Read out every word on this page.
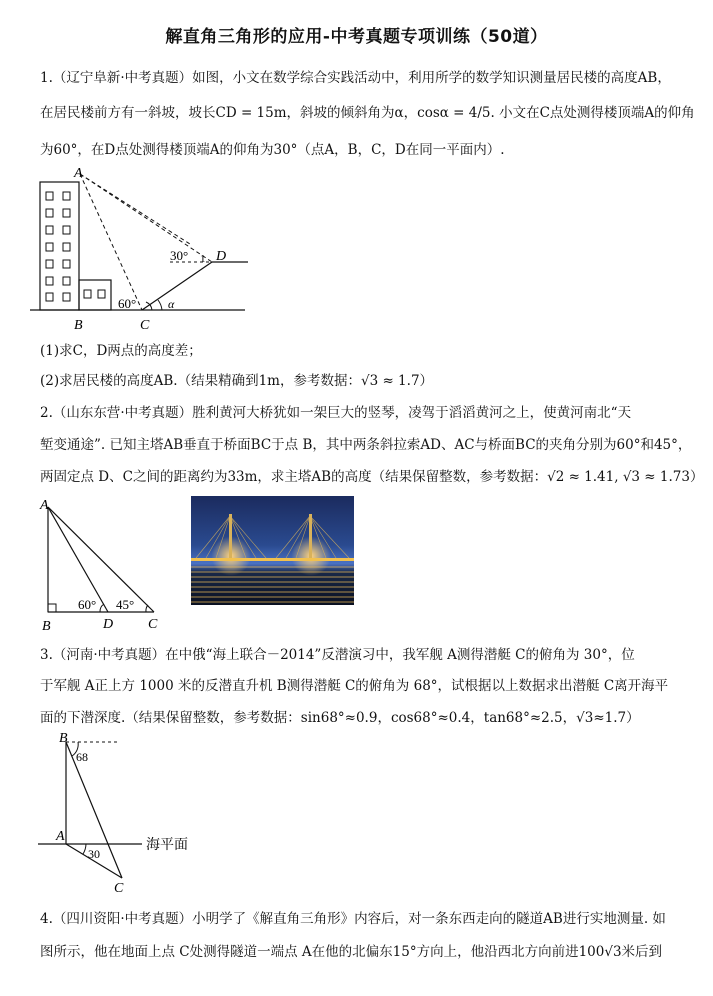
解直角三角形的应用-中考真题专项训练（50道）
1.（辽宁阜新·中考真题）如图，小文在数学综合实践活动中，利用所学的数学知识测量居民楼的高度AB，
在居民楼前方有一斜坡，坡长CD = 15m，斜坡的倾斜角为α，cosα = 4/5. 小文在C点处测得楼顶端A的仰角
为60°，在D点处测得楼顶端A的仰角为30°（点A，B，C，D在同一平面内）.
A
B	C
D
60°
30° 1
α
(1)求C，D两点的高度差；
(2)求居民楼的高度AB.（结果精确到1m，参考数据：√3 ≈ 1.7）
2.（山东东营·中考真题）胜利黄河大桥犹如一架巨大的竖琴，凌驾于滔滔黄河之上，使黄河南北“天
堑变通途”. 已知主塔AB垂直于桥面BC于点 B，其中两条斜拉索AD、AC与桥面BC的夹角分别为60°和45°，
两固定点 D、C之间的距离约为33m，求主塔AB的高度（结果保留整数，参考数据：√2 ≈ 1.41, √3 ≈ 1.73）
A
B	D C
60° 45°
3.（河南·中考真题）在中俄“海上联合－2014”反潜演习中，我军舰 A测得潜艇 C的俯角为 30°，位
于军舰 A正上方 1000 米的反潜直升机 B测得潜艇 C的俯角为 68°，试根据以上数据求出潜艇 C离开海平
面的下潜深度.（结果保留整数，参考数据：sin68°≈0.9，cos68°≈0.4，tan68°≈2.5，√3≈1.7）
B
A
C
68
30
海平面
4.（四川资阳·中考真题）小明学了《解直角三角形》内容后，对一条东西走向的隧道AB进行实地测量. 如
图所示，他在地面上点 C处测得隧道一端点 A在他的北偏东15°方向上，他沿西北方向前进100√3米后到
